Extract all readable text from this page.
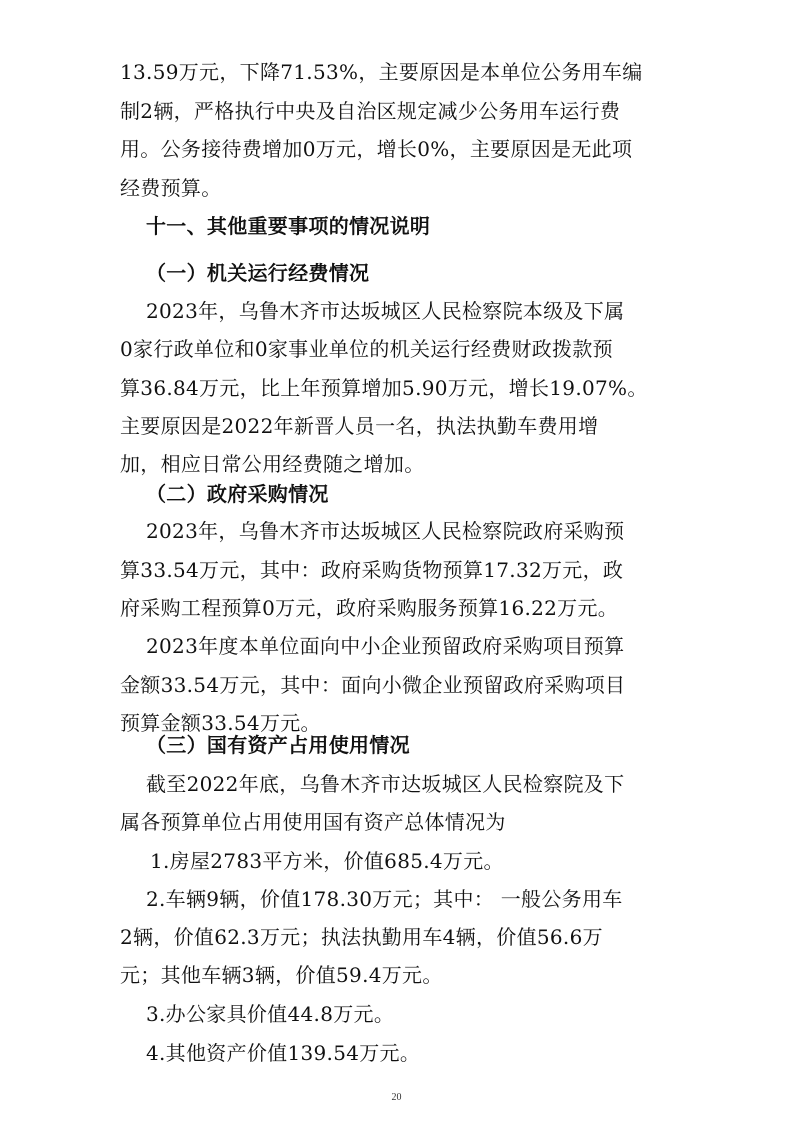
13.59万元，下降71.53%，主要原因是本单位公务用车编
制2辆，严格执行中央及自治区规定减少公务用车运行费
用。公务接待费增加0万元，增长0%，主要原因是无此项
经费预算。
十一、其他重要事项的情况说明
（一）机关运行经费情况
2023年，乌鲁木齐市达坂城区人民检察院本级及下属
0家行政单位和0家事业单位的机关运行经费财政拨款预
算36.84万元，比上年预算增加5.90万元，增长19.07%。
主要原因是2022年新晋人员一名，执法执勤车费用增
加，相应日常公用经费随之增加。
（二）政府采购情况
2023年，乌鲁木齐市达坂城区人民检察院政府采购预
算33.54万元，其中：政府采购货物预算17.32万元，政
府采购工程预算0万元，政府采购服务预算16.22万元。
2023年度本单位面向中小企业预留政府采购项目预算
金额33.54万元，其中：面向小微企业预留政府采购项目
预算金额33.54万元。
（三）国有资产占用使用情况
截至2022年底，乌鲁木齐市达坂城区人民检察院及下
属各预算单位占用使用国有资产总体情况为
1.房屋2783平方米，价值685.4万元。
2.车辆9辆，价值178.30万元；其中： 一般公务用车
2辆，价值62.3万元；执法执勤用车4辆，价值56.6万
元；其他车辆3辆，价值59.4万元。
3.办公家具价值44.8万元。
4.其他资产价值139.54万元。
20
